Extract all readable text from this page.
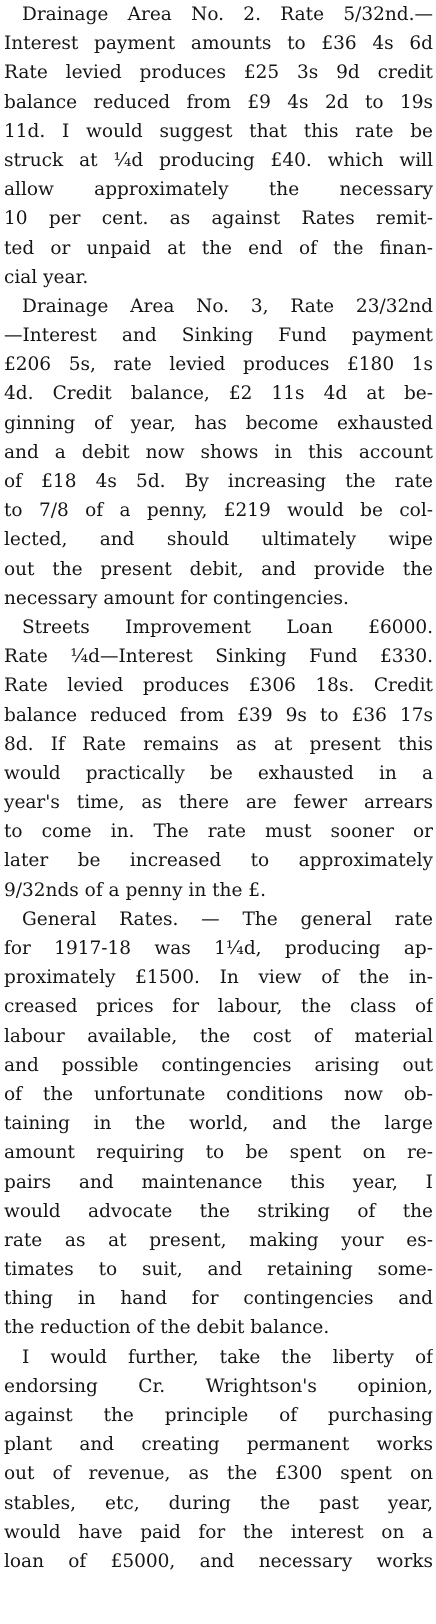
Drainage Area No. 2. Rate 5/32nd.—
Interest payment amounts to £36 4s 6d
Rate levied produces £25 3s 9d credit
balance reduced from £9 4s 2d to 19s
11d. I would suggest that this rate be
struck at ¼d producing £40. which will
allow approximately the necessary
10 per cent. as against Rates remit-
ted or unpaid at the end of the finan-
cial year.
Drainage Area No. 3, Rate 23/32nd
—Interest and Sinking Fund payment
£206 5s, rate levied produces £180 1s
4d. Credit balance, £2 11s 4d at be-
ginning of year, has become exhausted
and a debit now shows in this account
of £18 4s 5d. By increasing the rate
to 7/8 of a penny, £219 would be col-
lected, and should ultimately wipe
out the present debit, and provide the
necessary amount for contingencies.
Streets Improvement Loan £6000.
Rate ¼d—Interest Sinking Fund £330.
Rate levied produces £306 18s. Credit
balance reduced from £39 9s to £36 17s
8d. If Rate remains as at present this
would practically be exhausted in a
year's time, as there are fewer arrears
to come in. The rate must sooner or
later be increased to approximately
9/32nds of a penny in the £.
General Rates. — The general rate
for 1917-18 was 1¼d, producing ap-
proximately £1500. In view of the in-
creased prices for labour, the class of
labour available, the cost of material
and possible contingencies arising out
of the unfortunate conditions now ob-
taining in the world, and the large
amount requiring to be spent on re-
pairs and maintenance this year, I
would advocate the striking of the
rate as at present, making your es-
timates to suit, and retaining some-
thing in hand for contingencies and
the reduction of the debit balance.
I would further, take the liberty of
endorsing Cr. Wrightson's opinion,
against the principle of purchasing
plant and creating permanent works
out of revenue, as the £300 spent on
stables, etc, during the past year,
would have paid for the interest on a
loan of £5000, and necessary works
